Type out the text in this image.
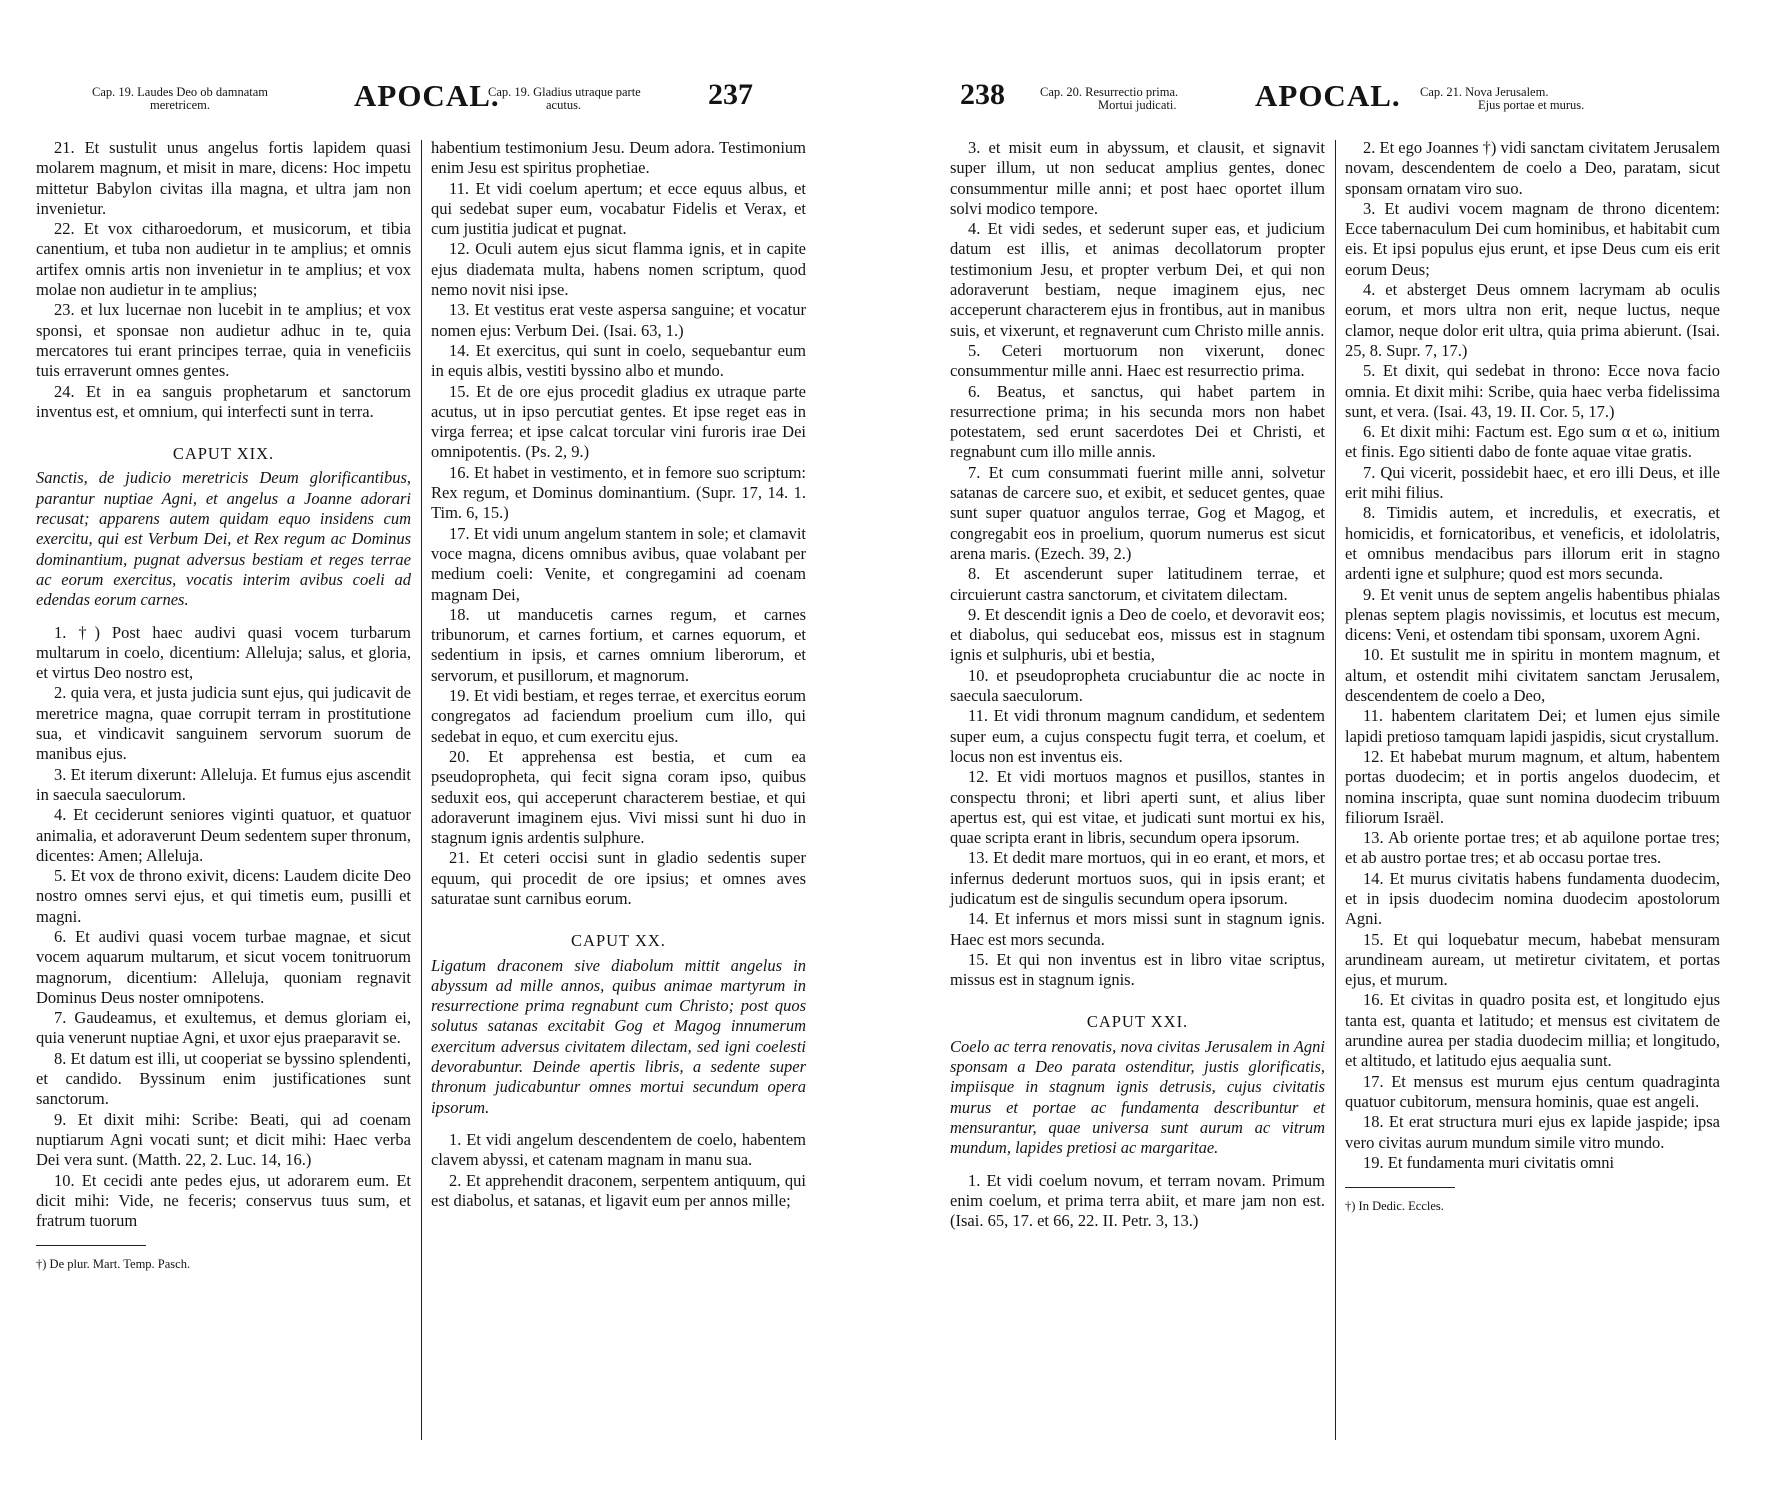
Cap. 19. Laudes Deo ob damnatam
meretricem.	APOCAL.
Cap. 19. Gladius utraque parte
acutus.	237

21. Et sustulit unus angelus fortis lapidem quasi molarem magnum, et misit in mare, dicens: Hoc impetu mittetur Babylon civitas illa magna, et ultra jam non invenietur.

22. Et vox citharoedorum, et musicorum, et tibia canentium, et tuba non audietur in te amplius; et omnis artifex omnis artis non invenietur in te amplius; et vox molae non audietur in te amplius;

23. et lux lucernae non lucebit in te amplius; et vox sponsi, et sponsae non audietur adhuc in te, quia mercatores tui erant principes terrae, quia in veneficiis tuis erraverunt omnes gentes.

24. Et in ea sanguis prophetarum et sanctorum inventus est, et omnium, qui interfecti sunt in terra.

CAPUT XIX.

Sanctis, de judicio meretricis Deum glorificantibus, parantur nuptiae Agni, et angelus a Joanne adorari recusat; apparens autem quidam equo insidens cum exercitu, qui est Verbum Dei, et Rex regum ac Dominus dominantium, pugnat adversus bestiam et reges terrae ac eorum exercitus, vocatis interim avibus coeli ad edendas eorum carnes.

1. †) Post haec audivi quasi vocem turbarum multarum in coelo, dicentium: Alleluja; salus, et gloria, et virtus Deo nostro est,

2. quia vera, et justa judicia sunt ejus, qui judicavit de meretrice magna, quae corrupit terram in prostitutione sua, et vindicavit sanguinem servorum suorum de manibus ejus.

3. Et iterum dixerunt: Alleluja. Et fumus ejus ascendit in saecula saeculorum.

4. Et ceciderunt seniores viginti quatuor, et quatuor animalia, et adoraverunt Deum sedentem super thronum, dicentes: Amen; Alleluja.

5. Et vox de throno exivit, dicens: Laudem dicite Deo nostro omnes servi ejus, et qui timetis eum, pusilli et magni.

6. Et audivi quasi vocem turbae magnae, et sicut vocem aquarum multarum, et sicut vocem tonitruorum magnorum, dicentium: Alleluja, quoniam regnavit Dominus Deus noster omnipotens.

7. Gaudeamus, et exultemus, et demus gloriam ei, quia venerunt nuptiae Agni, et uxor ejus praeparavit se.

8. Et datum est illi, ut cooperiat se byssino splendenti, et candido. Byssinum enim justificationes sunt sanctorum.

9. Et dixit mihi: Scribe: Beati, qui ad coenam nuptiarum Agni vocati sunt; et dicit mihi: Haec verba Dei vera sunt. (Matth. 22, 2. Luc. 14, 16.)

10. Et cecidi ante pedes ejus, ut adorarem eum. Et dicit mihi: Vide, ne feceris; conservus tuus sum, et fratrum tuorum

†) De plur. Mart. Temp. Pasch.

habentium testimonium Jesu. Deum adora. Testimonium enim Jesu est spiritus prophetiae.

11. Et vidi coelum apertum; et ecce equus albus, et qui sedebat super eum, vocabatur Fidelis et Verax, et cum justitia judicat et pugnat.

12. Oculi autem ejus sicut flamma ignis, et in capite ejus diademata multa, habens nomen scriptum, quod nemo novit nisi ipse.

13. Et vestitus erat veste aspersa sanguine; et vocatur nomen ejus: Verbum Dei. (Isai. 63, 1.)

14. Et exercitus, qui sunt in coelo, sequebantur eum in equis albis, vestiti byssino albo et mundo.

15. Et de ore ejus procedit gladius ex utraque parte acutus, ut in ipso percutiat gentes. Et ipse reget eas in virga ferrea; et ipse calcat torcular vini furoris irae Dei omnipotentis. (Ps. 2, 9.)

16. Et habet in vestimento, et in femore suo scriptum: Rex regum, et Dominus dominantium. (Supr. 17, 14. 1. Tim. 6, 15.)

17. Et vidi unum angelum stantem in sole; et clamavit voce magna, dicens omnibus avibus, quae volabant per medium coeli: Venite, et congregamini ad coenam magnam Dei,

18. ut manducetis carnes regum, et carnes tribunorum, et carnes fortium, et carnes equorum, et sedentium in ipsis, et carnes omnium liberorum, et servorum, et pusillorum, et magnorum.

19. Et vidi bestiam, et reges terrae, et exercitus eorum congregatos ad faciendum proelium cum illo, qui sedebat in equo, et cum exercitu ejus.

20. Et apprehensa est bestia, et cum ea pseudopropheta, qui fecit signa coram ipso, quibus seduxit eos, qui acceperunt characterem bestiae, et qui adoraverunt imaginem ejus. Vivi missi sunt hi duo in stagnum ignis ardentis sulphure.

21. Et ceteri occisi sunt in gladio sedentis super equum, qui procedit de ore ipsius; et omnes aves saturatae sunt carnibus eorum.

CAPUT XX.

Ligatum draconem sive diabolum mittit angelus in abyssum ad mille annos, quibus animae martyrum in resurrectione prima regnabunt cum Christo; post quos solutus satanas excitabit Gog et Magog innumerum exercitum adversus civitatem dilectam, sed igni coelesti devorabuntur. Deinde apertis libris, a sedente super thronum judicabuntur omnes mortui secundum opera ipsorum.

1. Et vidi angelum descendentem de coelo, habentem clavem abyssi, et catenam magnam in manu sua.

2. Et apprehendit draconem, serpentem antiquum, qui est diabolus, et satanas, et ligavit eum per annos mille;

238	Cap. 20. Resurrectio prima.
Mortui judicati.	APOCAL. Cap. 21. Nova Jerusalem.
Ejus portae et murus.

3. et misit eum in abyssum, et clausit, et signavit super illum, ut non seducat amplius gentes, donec consummentur mille anni; et post haec oportet illum solvi modico tempore.

4. Et vidi sedes, et sederunt super eas, et judicium datum est illis, et animas decollatorum propter testimonium Jesu, et propter verbum Dei, et qui non adoraverunt bestiam, neque imaginem ejus, nec acceperunt characterem ejus in frontibus, aut in manibus suis, et vixerunt, et regnaverunt cum Christo mille annis.

5. Ceteri mortuorum non vixerunt, donec consummentur mille anni. Haec est resurrectio prima.

6. Beatus, et sanctus, qui habet partem in resurrectione prima; in his secunda mors non habet potestatem, sed erunt sacerdotes Dei et Christi, et regnabunt cum illo mille annis.

7. Et cum consummati fuerint mille anni, solvetur satanas de carcere suo, et exibit, et seducet gentes, quae sunt super quatuor angulos terrae, Gog et Magog, et congregabit eos in proelium, quorum numerus est sicut arena maris. (Ezech. 39, 2.)

8. Et ascenderunt super latitudinem terrae, et circuierunt castra sanctorum, et civitatem dilectam.

9. Et descendit ignis a Deo de coelo, et devoravit eos; et diabolus, qui seducebat eos, missus est in stagnum ignis et sulphuris, ubi et bestia,

10. et pseudopropheta cruciabuntur die ac nocte in saecula saeculorum.

11. Et vidi thronum magnum candidum, et sedentem super eum, a cujus conspectu fugit terra, et coelum, et locus non est inventus eis.

12. Et vidi mortuos magnos et pusillos, stantes in conspectu throni; et libri aperti sunt, et alius liber apertus est, qui est vitae, et judicati sunt mortui ex his, quae scripta erant in libris, secundum opera ipsorum.

13. Et dedit mare mortuos, qui in eo erant, et mors, et infernus dederunt mortuos suos, qui in ipsis erant; et judicatum est de singulis secundum opera ipsorum.

14. Et infernus et mors missi sunt in stagnum ignis. Haec est mors secunda.

15. Et qui non inventus est in libro vitae scriptus, missus est in stagnum ignis.

CAPUT XXI.

Coelo ac terra renovatis, nova civitas Jerusalem in Agni sponsam a Deo parata ostenditur, justis glorificatis, impiisque in stagnum ignis detrusis, cujus civitatis murus et portae ac fundamenta describuntur et mensurantur, quae universa sunt aurum ac vitrum mundum, lapides pretiosi ac margaritae.

1. Et vidi coelum novum, et terram novam. Primum enim coelum, et prima terra abiit, et mare jam non est. (Isai. 65, 17. et 66, 22. II. Petr. 3, 13.)

2. Et ego Joannes †) vidi sanctam civitatem Jerusalem novam, descendentem de coelo a Deo, paratam, sicut sponsam ornatam viro suo.

3. Et audivi vocem magnam de throno dicentem: Ecce tabernaculum Dei cum hominibus, et habitabit cum eis. Et ipsi populus ejus erunt, et ipse Deus cum eis erit eorum Deus;

4. et absterget Deus omnem lacrymam ab oculis eorum, et mors ultra non erit, neque luctus, neque clamor, neque dolor erit ultra, quia prima abierunt. (Isai. 25, 8. Supr. 7, 17.)

5. Et dixit, qui sedebat in throno: Ecce nova facio omnia. Et dixit mihi: Scribe, quia haec verba fidelissima sunt, et vera. (Isai. 43, 19. II. Cor. 5, 17.)

6. Et dixit mihi: Factum est. Ego sum α et ω, initium et finis. Ego sitienti dabo de fonte aquae vitae gratis.

7. Qui vicerit, possidebit haec, et ero illi Deus, et ille erit mihi filius.

8. Timidis autem, et incredulis, et execratis, et homicidis, et fornicatoribus, et veneficis, et idololatris, et omnibus mendacibus pars illorum erit in stagno ardenti igne et sulphure; quod est mors secunda.

9. Et venit unus de septem angelis habentibus phialas plenas septem plagis novissimis, et locutus est mecum, dicens: Veni, et ostendam tibi sponsam, uxorem Agni.

10. Et sustulit me in spiritu in montem magnum, et altum, et ostendit mihi civitatem sanctam Jerusalem, descendentem de coelo a Deo,

11. habentem claritatem Dei; et lumen ejus simile lapidi pretioso tamquam lapidi jaspidis, sicut crystallum.

12. Et habebat murum magnum, et altum, habentem portas duodecim; et in portis angelos duodecim, et nomina inscripta, quae sunt nomina duodecim tribuum filiorum Israël.

13. Ab oriente portae tres; et ab aquilone portae tres; et ab austro portae tres; et ab occasu portae tres.

14. Et murus civitatis habens fundamenta duodecim, et in ipsis duodecim nomina duodecim apostolorum Agni.

15. Et qui loquebatur mecum, habebat mensuram arundineam auream, ut metiretur civitatem, et portas ejus, et murum.

16. Et civitas in quadro posita est, et longitudo ejus tanta est, quanta et latitudo; et mensus est civitatem de arundine aurea per stadia duodecim millia; et longitudo, et altitudo, et latitudo ejus aequalia sunt.

17. Et mensus est murum ejus centum quadraginta quatuor cubitorum, mensura hominis, quae est angeli.

18. Et erat structura muri ejus ex lapide jaspide; ipsa vero civitas aurum mundum simile vitro mundo.

19. Et fundamenta muri civitatis omni

†) In Dedic. Eccles.
